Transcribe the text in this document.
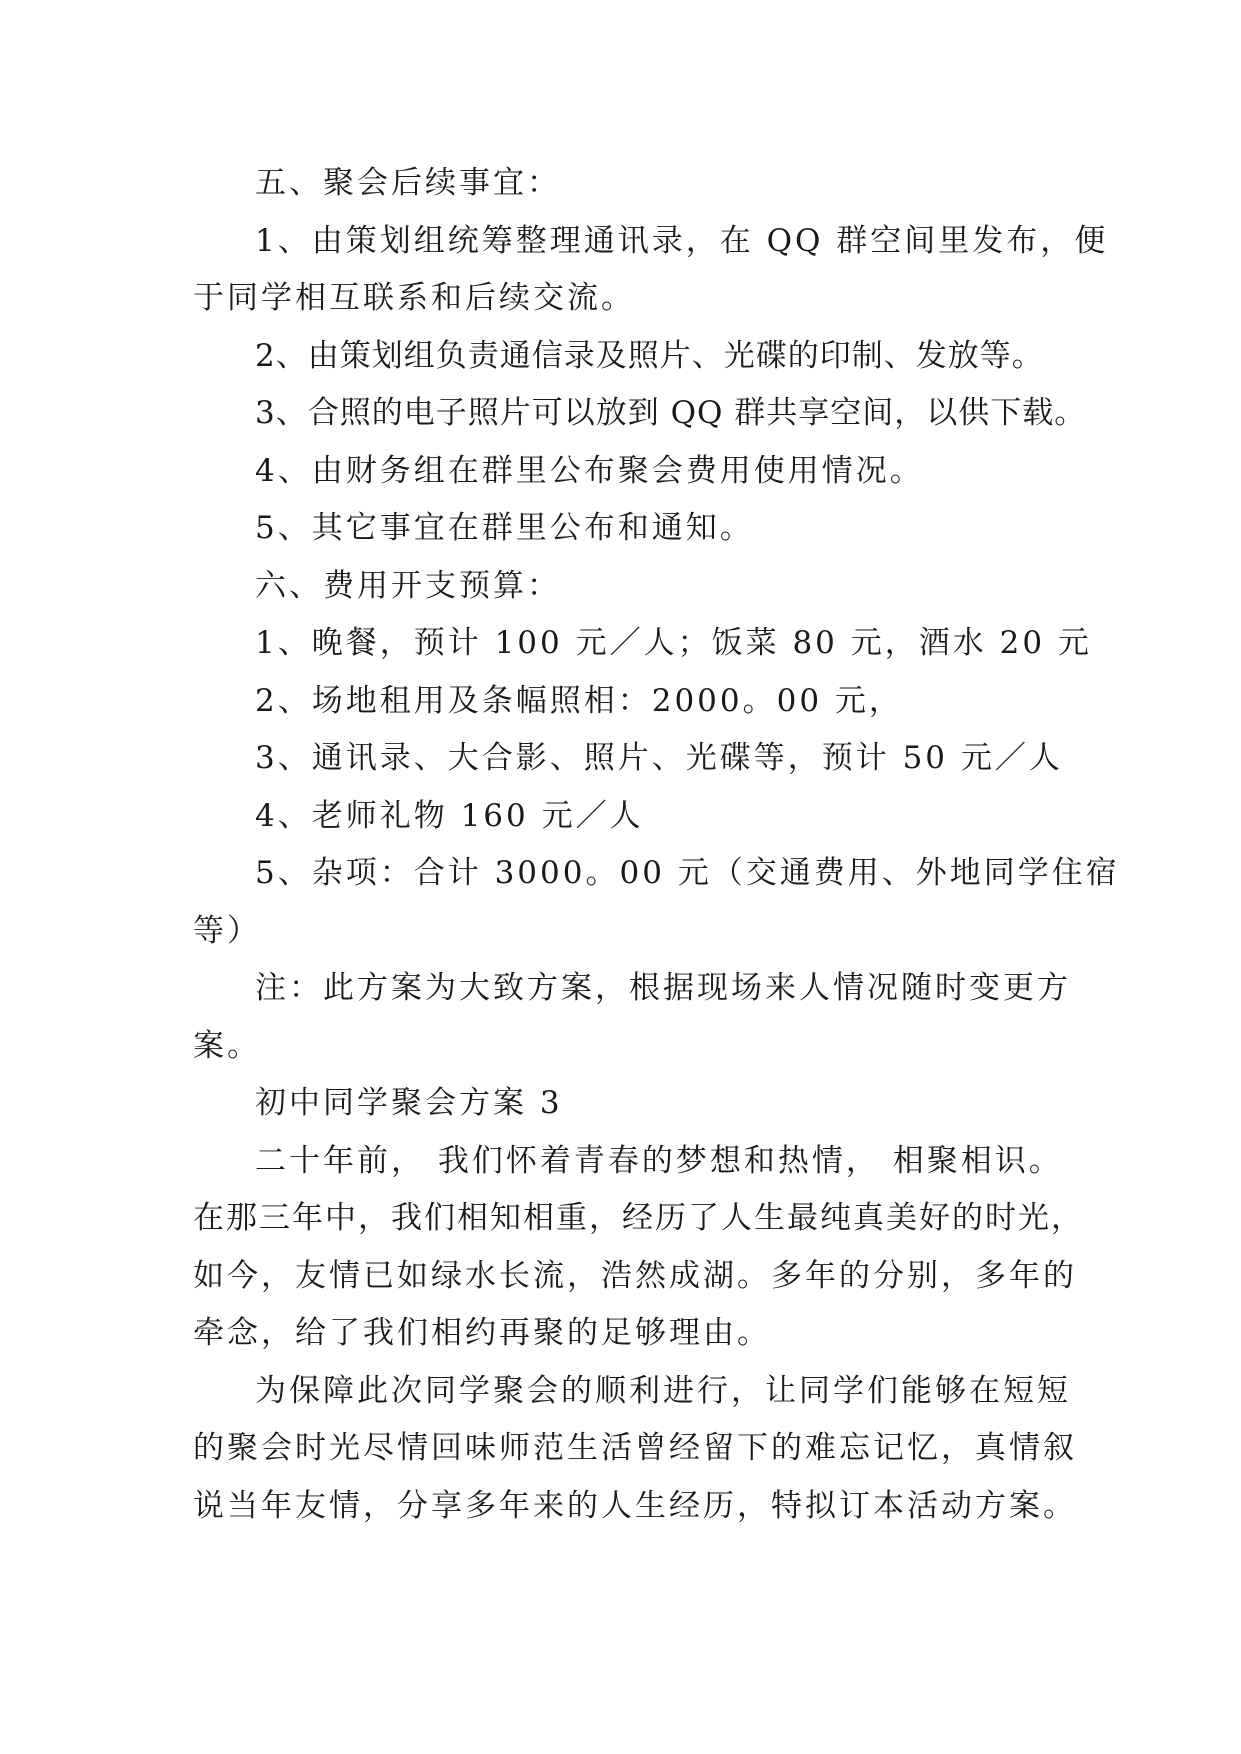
五、聚会后续事宜：
1、由策划组统筹整理通讯录，在 QQ 群空间里发布，便
于同学相互联系和后续交流。
2、由策划组负责通信录及照片、光碟的印制、发放等。
3、合照的电子照片可以放到 QQ 群共享空间，以供下载。
4、由财务组在群里公布聚会费用使用情况。
5、其它事宜在群里公布和通知。
六、费用开支预算：
1、晚餐，预计 100 元／人；饭菜 80 元，酒水 20 元
2、场地租用及条幅照相：2000。00 元，
3、通讯录、大合影、照片、光碟等，预计 50 元／人
4、老师礼物 160 元／人
5、杂项：合计 3000。00 元（交通费用、外地同学住宿
等）
注：此方案为大致方案，根据现场来人情况随时变更方
案。
初中同学聚会方案 3
二十年前， 我们怀着青春的梦想和热情， 相聚相识。
在那三年中，我们相知相重，经历了人生最纯真美好的时光，
如今，友情已如绿水长流，浩然成湖。多年的分别，多年的
牵念，给了我们相约再聚的足够理由。
为保障此次同学聚会的顺利进行，让同学们能够在短短
的聚会时光尽情回味师范生活曾经留下的难忘记忆，真情叙
说当年友情，分享多年来的人生经历，特拟订本活动方案。
